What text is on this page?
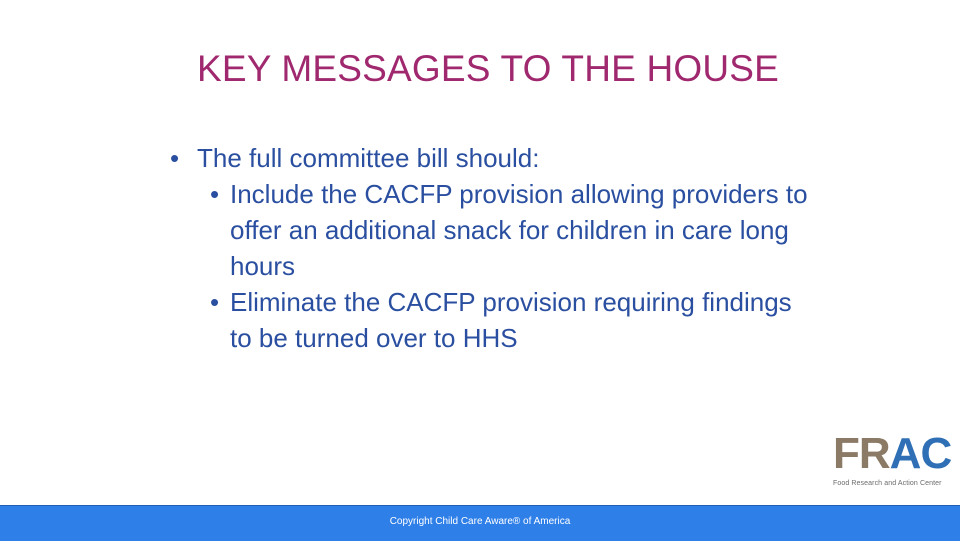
KEY MESSAGES TO THE HOUSE
• The full committee bill should:
• Include the CACFP provision allowing providers to offer an additional snack for children in care long hours
• Eliminate the CACFP provision requiring findings to be turned over to HHS
FRAC
Food Research and Action Center
Copyright Child Care Aware® of America
